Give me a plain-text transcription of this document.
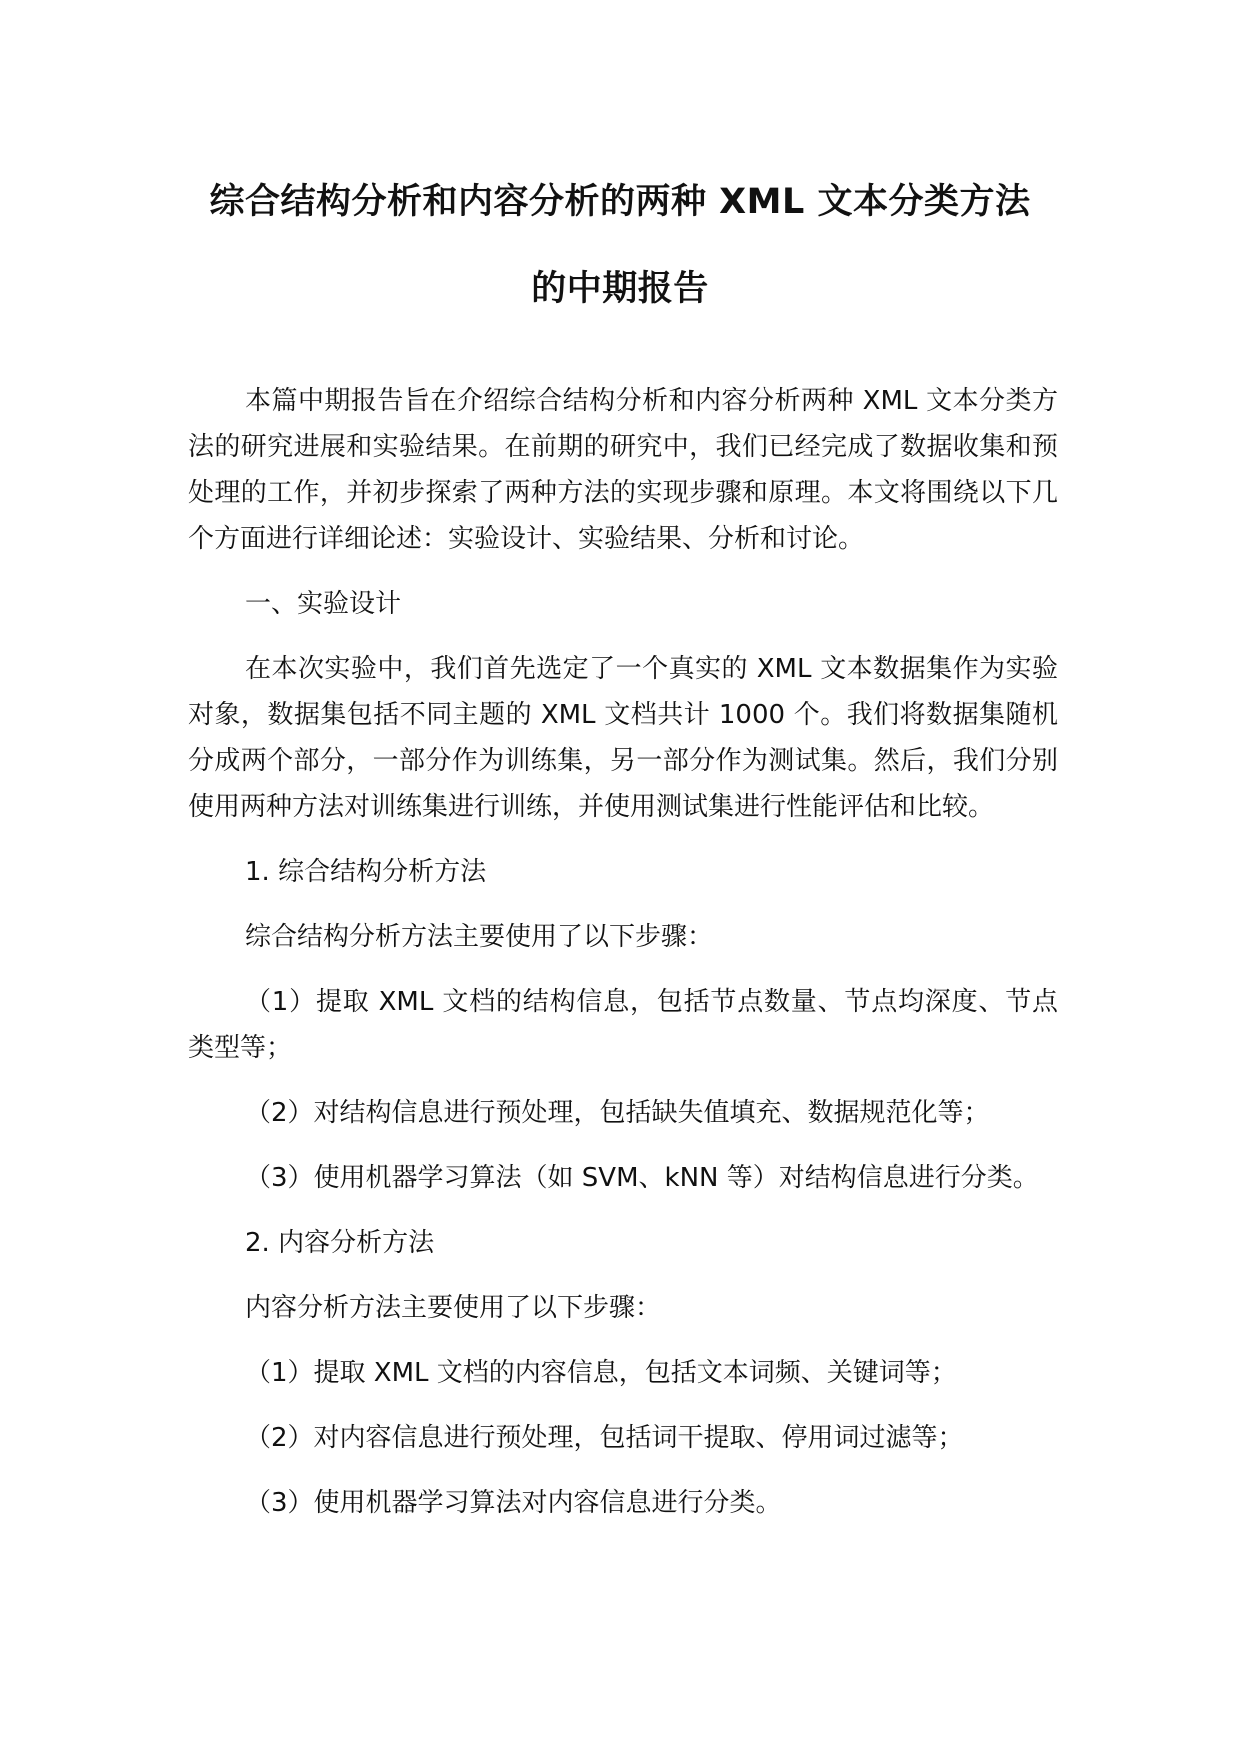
综合结构分析和内容分析的两种 XML 文本分类方法
的中期报告

本篇中期报告旨在介绍综合结构分析和内容分析两种 XML 文本分类方法的研究进展和实验结果。在前期的研究中，我们已经完成了数据收集和预处理的工作，并初步探索了两种方法的实现步骤和原理。本文将围绕以下几个方面进行详细论述：实验设计、实验结果、分析和讨论。

一、实验设计

在本次实验中，我们首先选定了一个真实的 XML 文本数据集作为实验对象，数据集包括不同主题的 XML 文档共计 1000 个。我们将数据集随机分成两个部分，一部分作为训练集，另一部分作为测试集。然后，我们分别使用两种方法对训练集进行训练，并使用测试集进行性能评估和比较。

1. 综合结构分析方法

综合结构分析方法主要使用了以下步骤：

（1）提取 XML 文档的结构信息，包括节点数量、节点均深度、节点类型等；

（2）对结构信息进行预处理，包括缺失值填充、数据规范化等；

（3）使用机器学习算法（如 SVM、kNN 等）对结构信息进行分类。

2. 内容分析方法

内容分析方法主要使用了以下步骤：

（1）提取 XML 文档的内容信息，包括文本词频、关键词等；

（2）对内容信息进行预处理，包括词干提取、停用词过滤等；

（3）使用机器学习算法对内容信息进行分类。
